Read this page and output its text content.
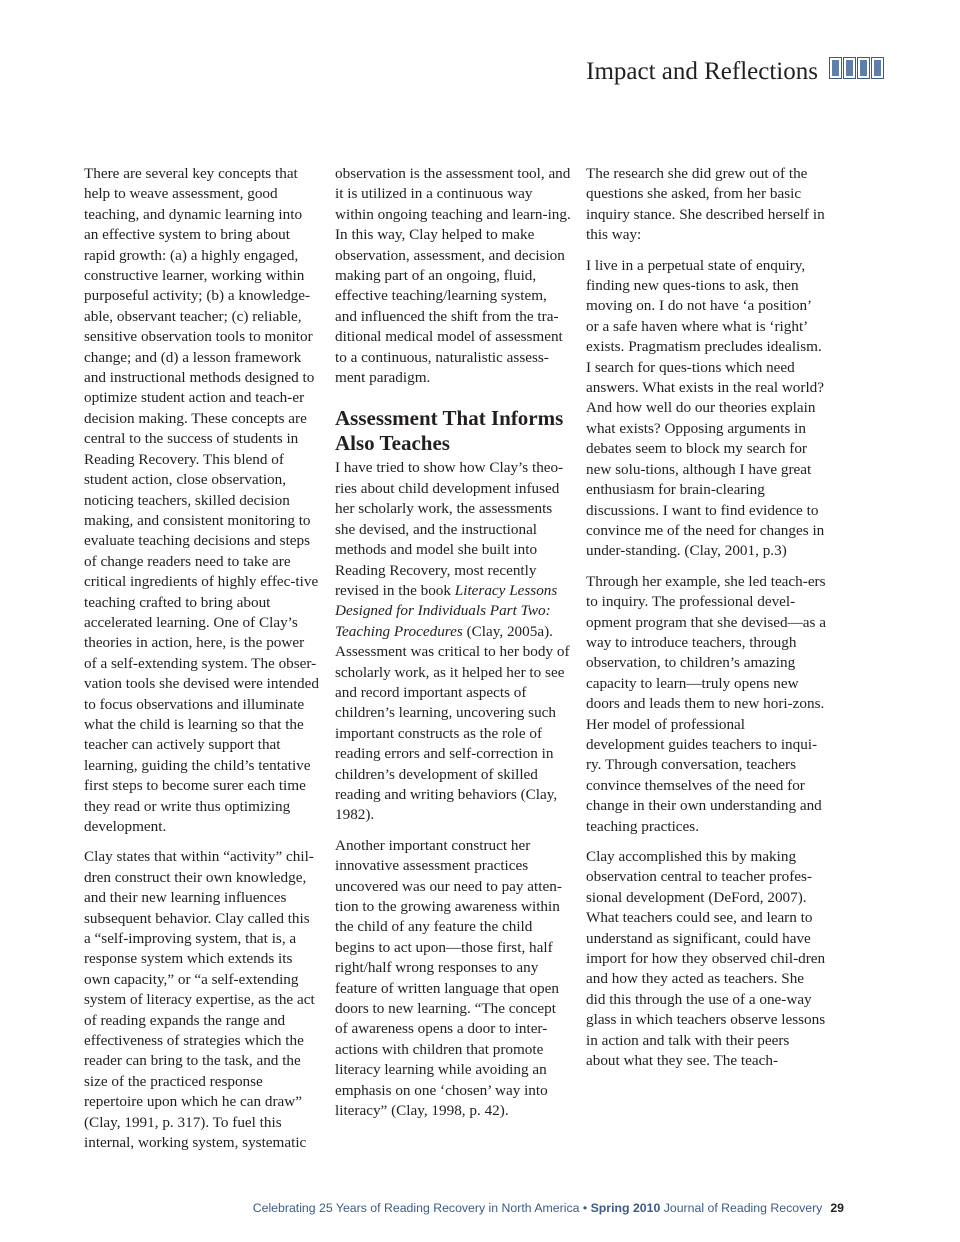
Impact and Reflections

There are several key concepts that help to weave assessment, good teaching, and dynamic learning into an effective system to bring about rapid growth: (a) a highly engaged, constructive learner, working within purposeful activity; (b) a knowledge-able, observant teacher; (c) reliable, sensitive observation tools to monitor change; and (d) a lesson framework and instructional methods designed to optimize student action and teach-er decision making. These concepts are central to the success of students in Reading Recovery. This blend of student action, close observation, noticing teachers, skilled decision making, and consistent monitoring to evaluate teaching decisions and steps of change readers need to take are critical ingredients of highly effec-tive teaching crafted to bring about accelerated learning. One of Clay’s theories in action, here, is the power of a self-extending system. The obser-vation tools she devised were intended to focus observations and illuminate what the child is learning so that the teacher can actively support that learning, guiding the child’s tentative first steps to become surer each time they read or write thus optimizing development.

Clay states that within “activity” chil-dren construct their own knowledge, and their new learning influences subsequent behavior. Clay called this a “self-improving system, that is, a response system which extends its own capacity,” or “a self-extending system of literacy expertise, as the act of reading expands the range and effectiveness of strategies which the reader can bring to the task, and the size of the practiced response repertoire upon which he can draw” (Clay, 1991, p. 317). To fuel this internal, working system, systematic

observation is the assessment tool, and it is utilized in a continuous way within ongoing teaching and learn-ing. In this way, Clay helped to make observation, assessment, and decision making part of an ongoing, fluid, effective teaching/learning system, and influenced the shift from the tra-ditional medical model of assessment to a continuous, naturalistic assess-ment paradigm.

Assessment That Informs Also Teaches

I have tried to show how Clay’s theo-ries about child development infused her scholarly work, the assessments she devised, and the instructional methods and model she built into Reading Recovery, most recently revised in the book Literacy Lessons Designed for Individuals Part Two: Teaching Procedures (Clay, 2005a). Assessment was critical to her body of scholarly work, as it helped her to see and record important aspects of children’s learning, uncovering such important constructs as the role of reading errors and self-correction in children’s development of skilled reading and writing behaviors (Clay, 1982).

Another important construct her innovative assessment practices uncovered was our need to pay atten-tion to the growing awareness within the child of any feature the child begins to act upon—those first, half right/half wrong responses to any feature of written language that open doors to new learning. “The concept of awareness opens a door to inter-actions with children that promote literacy learning while avoiding an emphasis on one ‘chosen’ way into literacy” (Clay, 1998, p. 42).

The research she did grew out of the questions she asked, from her basic inquiry stance. She described herself in this way:

I live in a perpetual state of enquiry, finding new ques-tions to ask, then moving on. I do not have ‘a position’ or a safe haven where what is ‘right’ exists. Pragmatism precludes idealism. I search for ques-tions which need answers. What exists in the real world? And how well do our theories explain what exists? Opposing arguments in debates seem to block my search for new solu-tions, although I have great enthusiasm for brain-clearing discussions. I want to find evidence to convince me of the need for changes in under-standing. (Clay, 2001, p.3)

Through her example, she led teach-ers to inquiry. The professional devel-opment program that she devised—as a way to introduce teachers, through observation, to children’s amazing capacity to learn—truly opens new doors and leads them to new hori-zons. Her model of professional development guides teachers to inqui-ry. Through conversation, teachers convince themselves of the need for change in their own understanding and teaching practices.

Clay accomplished this by making observation central to teacher profes-sional development (DeFord, 2007). What teachers could see, and learn to understand as significant, could have import for how they observed chil-dren and how they acted as teachers. She did this through the use of a one-way glass in which teachers observe lessons in action and talk with their peers about what they see. The teach-

Celebrating 25 Years of Reading Recovery in North America • Spring 2010 Journal of Reading Recovery 29
